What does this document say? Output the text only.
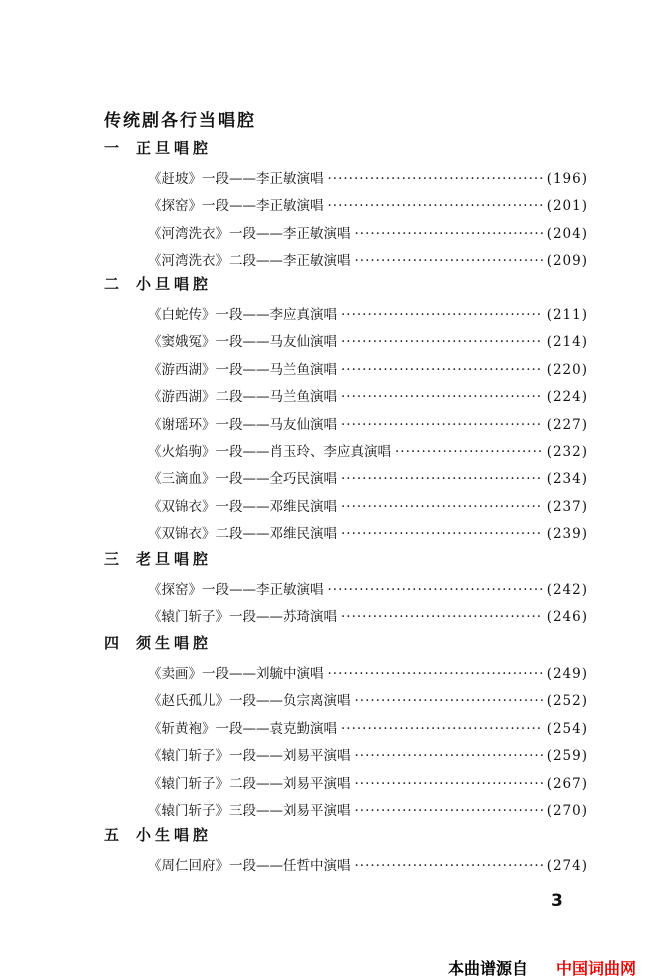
传统剧各行当唱腔
一 正旦唱腔
《赶坡》一段——李正敏演唱 ·····	(196)
《探窑》一段——李正敏演唱 ·····	(201)
《河湾洗衣》一段——李正敏演唱 ·····	(204)
《河湾洗衣》二段——李正敏演唱 ·····	(209)
二 小旦唱腔
《白蛇传》一段——李应真演唱 ·····	(211)
《窦娥冤》一段——马友仙演唱 ·····	(214)
《游西湖》一段——马兰鱼演唱 ·····	(220)
《游西湖》二段——马兰鱼演唱 ·····	(224)
《谢瑶环》一段——马友仙演唱 ·····	(227)
《火焰驹》一段——肖玉玲、李应真演唱 ·····	(232)
《三滴血》一段——全巧民演唱 ·····	(234)
《双锦衣》一段——邓维民演唱 ·····	(237)
《双锦衣》二段——邓维民演唱 ·····	(239)
三 老旦唱腔
《探窑》一段——李正敏演唱 ·····	(242)
《辕门斩子》一段——苏琦演唱 ·····	(246)
四 须生唱腔
《卖画》一段——刘毓中演唱 ·····	(249)
《赵氏孤儿》一段——负宗离演唱 ·····	(252)
《斩黄袍》一段——袁克勤演唱 ·····	(254)
《辕门斩子》一段——刘易平演唱 ·····	(259)
《辕门斩子》二段——刘易平演唱 ·····	(267)
《辕门斩子》三段——刘易平演唱 ·····	(270)
五 小生唱腔
《周仁回府》一段——任哲中演唱 ·····	(274)
3
本曲谱源自 中国词曲网
